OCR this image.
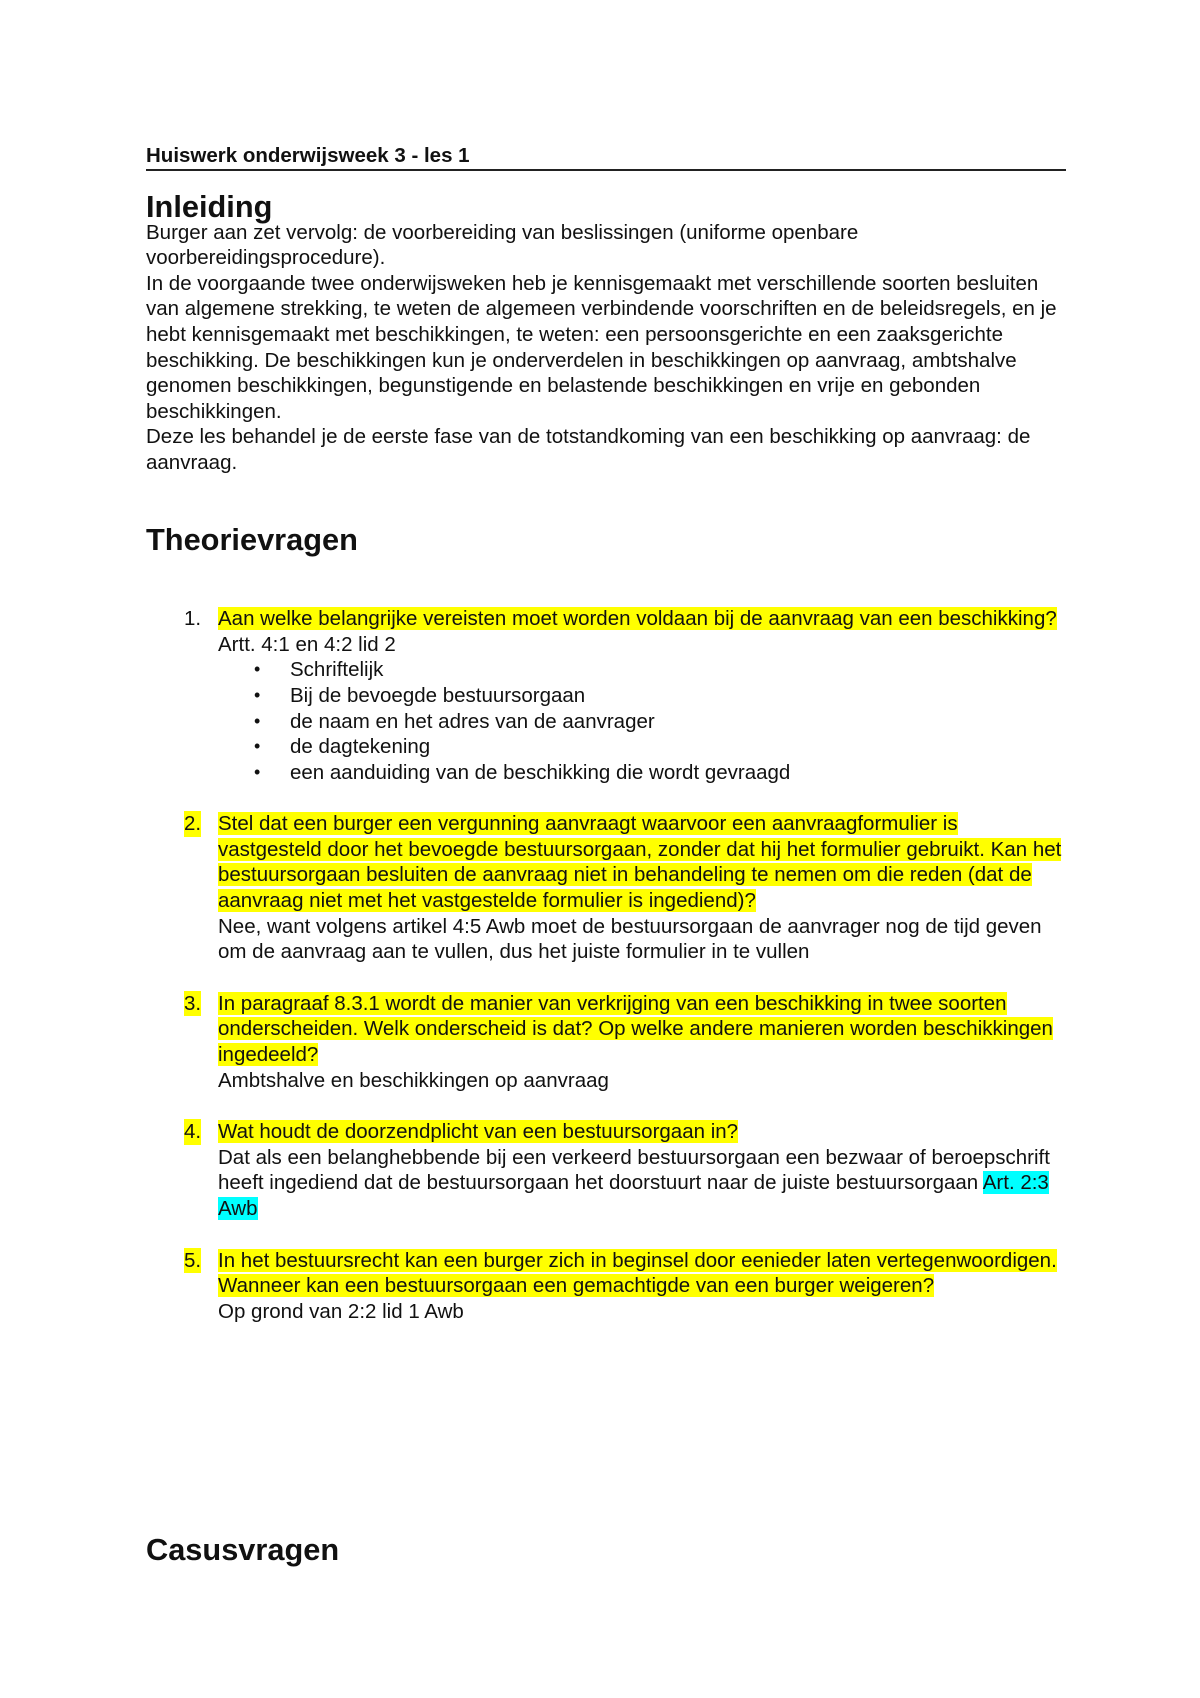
Huiswerk onderwijsweek 3 - les 1
Inleiding

Burger aan zet vervolg: de voorbereiding van beslissingen (uniforme openbare voorbereidingsprocedure).

In de voorgaande twee onderwijsweken heb je kennisgemaakt met verschillende soorten besluiten van algemene strekking, te weten de algemeen verbindende voorschriften en de beleidsregels, en je hebt kennisgemaakt met beschikkingen, te weten: een persoonsgerichte en een zaaksgerichte beschikking. De beschikkingen kun je onderverdelen in beschikkingen op aanvraag, ambtshalve genomen beschikkingen, begunstigende en belastende beschikkingen en vrije en gebonden beschikkingen.

Deze les behandel je de eerste fase van de totstandkoming van een beschikking op aanvraag: de aanvraag.

Theorievragen
1. Aan welke belangrijke vereisten moet worden voldaan bij de aanvraag van een beschikking? Artt. 4:1 en 4:2 lid 2
• Schriftelijk
• Bij de bevoegde bestuursorgaan
• de naam en het adres van de aanvrager
• de dagtekening
• een aanduiding van de beschikking die wordt gevraagd
2. Stel dat een burger een vergunning aanvraagt waarvoor een aanvraagformulier is vastgesteld door het bevoegde bestuursorgaan, zonder dat hij het formulier gebruikt. Kan het bestuursorgaan besluiten de aanvraag niet in behandeling te nemen om die reden (dat de aanvraag niet met het vastgestelde formulier is ingediend)?
Nee, want volgens artikel 4:5 Awb moet de bestuursorgaan de aanvrager nog de tijd geven om de aanvraag aan te vullen, dus het juiste formulier in te vullen
3. In paragraaf 8.3.1 wordt de manier van verkrijging van een beschikking in twee soorten onderscheiden. Welk onderscheid is dat? Op welke andere manieren worden beschikkingen ingedeeld?
Ambtshalve en beschikkingen op aanvraag
4. Wat houdt de doorzendplicht van een bestuursorgaan in?
Dat als een belanghebbende bij een verkeerd bestuursorgaan een bezwaar of beroepschrift heeft ingediend dat de bestuursorgaan het doorstuurt naar de juiste bestuursorgaan Art. 2:3 Awb
5. In het bestuursrecht kan een burger zich in beginsel door eenieder laten vertegenwoordigen. Wanneer kan een bestuursorgaan een gemachtigde van een burger weigeren?
Op grond van 2:2 lid 1 Awb
Casusvragen
